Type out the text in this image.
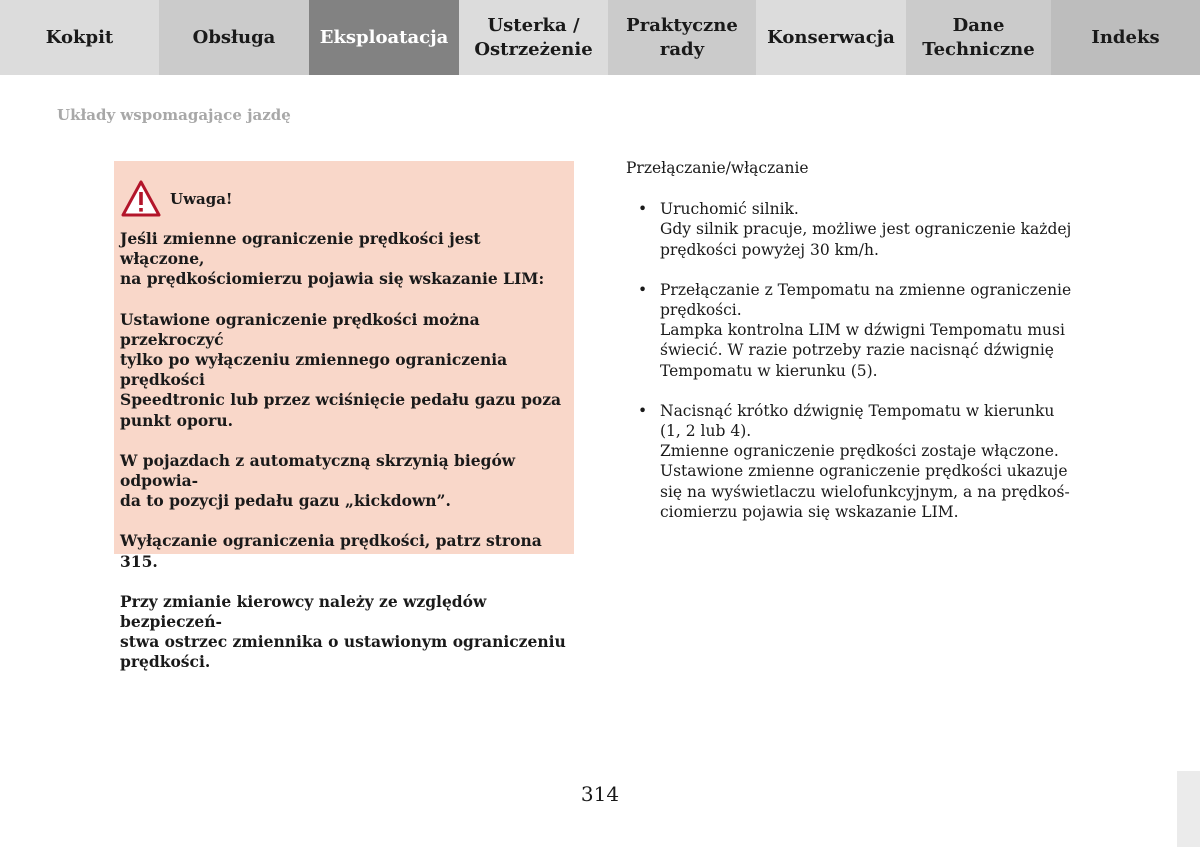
Kokpit	Obsługa	Eksploatacja
Usterka /
Ostrzeżenie
Praktyczne
rady
Konserwacja
Dane
Techniczne
Indeks
Układy wspomagające jazdę
Uwaga!

Jeśli zmienne ograniczenie prędkości jest włączone,
na prędkościomierzu pojawia się wskazanie LIM:

Ustawione ograniczenie prędkości można przekroczyć
tylko po wyłączeniu zmiennego ograniczenia prędkości
Speedtronic lub przez wciśnięcie pedału gazu poza
punkt oporu.

W pojazdach z automatyczną skrzynią biegów odpowia-
da to pozycji pedału gazu „kickdown”.

Wyłączanie ograniczenia prędkości, patrz strona 315.

Przy zmianie kierowcy należy ze względów bezpieczeń-
stwa ostrzec zmiennika o ustawionym ograniczeniu
prędkości.

Przełączanie/włączanie

• Uruchomić silnik.
Gdy silnik pracuje, możliwe jest ograniczenie każdej
prędkości powyżej 30 km/h.
• Przełączanie z Tempomatu na zmienne ograniczenie
prędkości.
Lampka kontrolna LIM w dźwigni Tempomatu musi
świecić. W razie potrzeby razie nacisnąć dźwignię
Tempomatu w kierunku (5).
• Nacisnąć krótko dźwignię Tempomatu w kierunku
(1, 2 lub 4).
Zmienne ograniczenie prędkości zostaje włączone.
Ustawione zmienne ograniczenie prędkości ukazuje
się na wyświetlaczu wielofunkcyjnym, a na prędkoś-
ciomierzu pojawia się wskazanie LIM.
314
